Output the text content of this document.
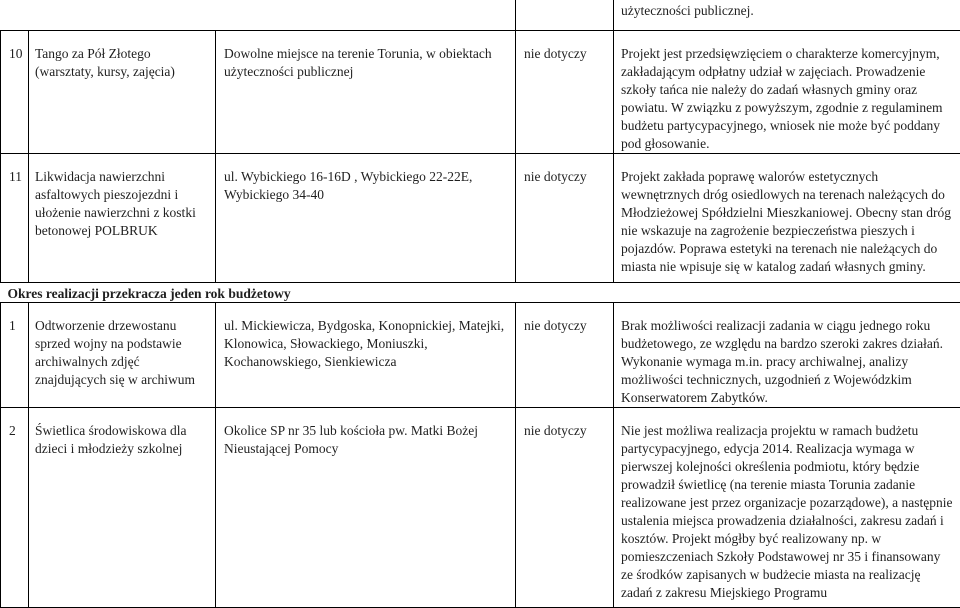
				użyteczności publicznej.
10	Tango za Pół Złotego (warsztaty, kursy, zajęcia)	Dowolne miejsce na terenie Torunia, w obiektach użyteczności publicznej	nie dotyczy	Projekt jest przedsięwzięciem o charakterze komercyjnym, zakładającym odpłatny udział w zajęciach. Prowadzenie szkoły tańca nie należy do zadań własnych gminy oraz powiatu. W związku z powyższym, zgodnie z regulaminem budżetu partycypacyjnego, wniosek nie może być poddany pod głosowanie.
11	Likwidacja nawierzchni asfaltowych pieszojezdni i ułożenie nawierzchni z kostki betonowej POLBRUK	ul. Wybickiego 16-16D , Wybickiego 22-22E, Wybickiego 34-40	nie dotyczy	Projekt zakłada poprawę walorów estetycznych wewnętrznych dróg osiedlowych na terenach należących do Młodzieżowej Spółdzielni Mieszkaniowej. Obecny stan dróg nie wskazuje na zagrożenie bezpieczeństwa pieszych i pojazdów. Poprawa estetyki na terenach nie należących do miasta nie wpisuje się w katalog zadań własnych gminy.
Okres realizacji przekracza jeden rok budżetowy				
1	Odtworzenie drzewostanu sprzed wojny na podstawie archiwalnych zdjęć znajdujących się w archiwum	ul. Mickiewicza, Bydgoska, Konopnickiej, Matejki, Klonowica, Słowackiego, Moniuszki, Kochanowskiego, Sienkiewicza	nie dotyczy	Brak możliwości realizacji zadania w ciągu jednego roku budżetowego, ze względu na bardzo szeroki zakres działań. Wykonanie wymaga m.in. pracy archiwalnej, analizy możliwości technicznych, uzgodnień z Wojewódzkim Konserwatorem Zabytków.
2	Świetlica środowiskowa dla dzieci i młodzieży szkolnej	Okolice SP nr 35 lub kościoła pw. Matki Bożej Nieustającej Pomocy	nie dotyczy	Nie jest możliwa realizacja projektu w ramach budżetu partycypacyjnego, edycja 2014. Realizacja wymaga w pierwszej kolejności określenia podmiotu, który będzie prowadził świetlicę (na terenie miasta Torunia zadanie realizowane jest przez organizacje pozarządowe), a następnie ustalenia miejsca prowadzenia działalności, zakresu zadań i kosztów. Projekt mógłby być realizowany np. w pomieszczeniach Szkoły Podstawowej nr 35 i finansowany ze środków zapisanych w budżecie miasta na realizację zadań z zakresu Miejskiego Programu
